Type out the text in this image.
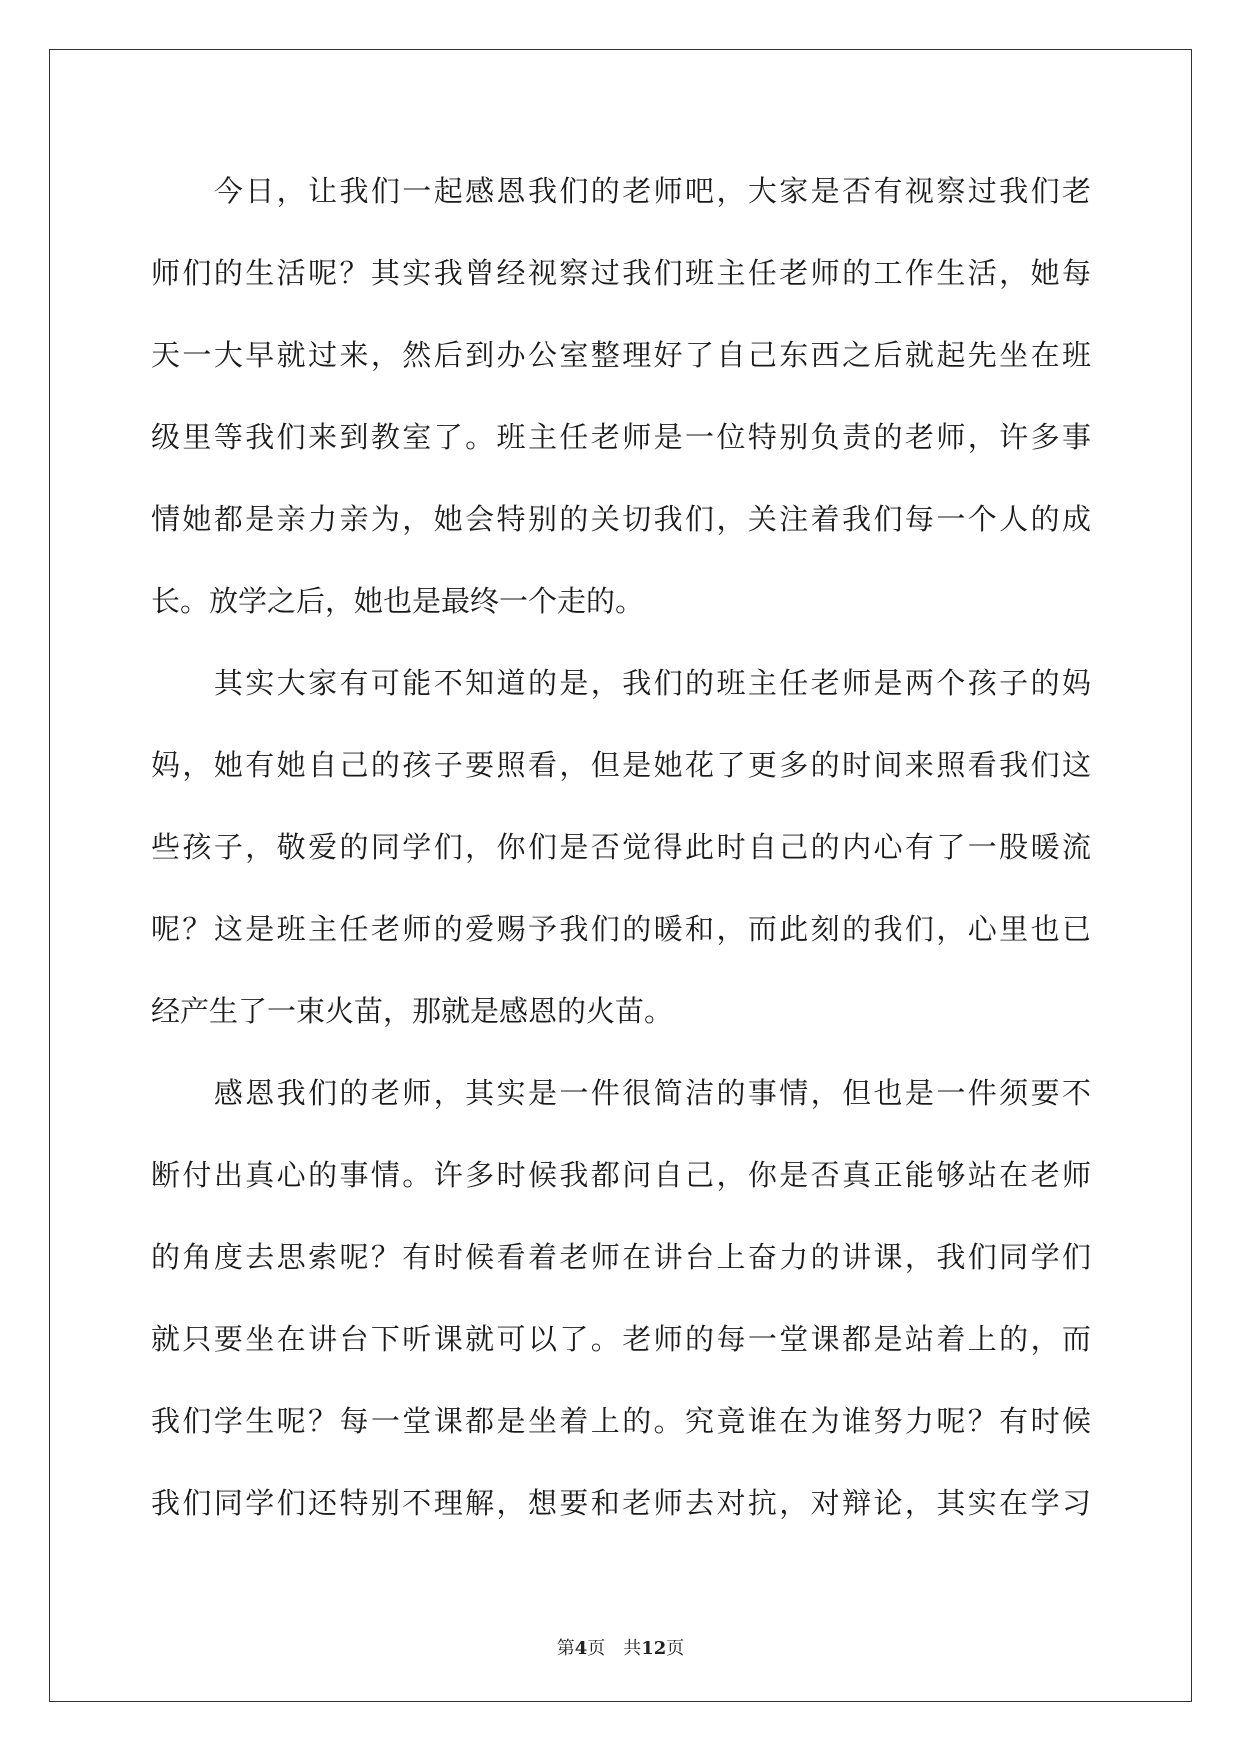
　　今日，让我们一起感恩我们的老师吧，大家是否有视察过我们老
师们的生活呢？其实我曾经视察过我们班主任老师的工作生活，她每
天一大早就过来，然后到办公室整理好了自己东西之后就起先坐在班
级里等我们来到教室了。班主任老师是一位特别负责的老师，许多事
情她都是亲力亲为，她会特别的关切我们，关注着我们每一个人的成
长。放学之后，她也是最终一个走的。
　　其实大家有可能不知道的是，我们的班主任老师是两个孩子的妈
妈，她有她自己的孩子要照看，但是她花了更多的时间来照看我们这
些孩子，敬爱的同学们，你们是否觉得此时自己的内心有了一股暖流
呢？这是班主任老师的爱赐予我们的暖和，而此刻的我们，心里也已
经产生了一束火苗，那就是感恩的火苗。
　　感恩我们的老师，其实是一件很简洁的事情，但也是一件须要不
断付出真心的事情。许多时候我都问自己，你是否真正能够站在老师
的角度去思索呢？有时候看着老师在讲台上奋力的讲课，我们同学们
就只要坐在讲台下听课就可以了。老师的每一堂课都是站着上的，而
我们学生呢？每一堂课都是坐着上的。究竟谁在为谁努力呢？有时候
我们同学们还特别不理解，想要和老师去对抗，对辩论，其实在学习
第4页　共12页
